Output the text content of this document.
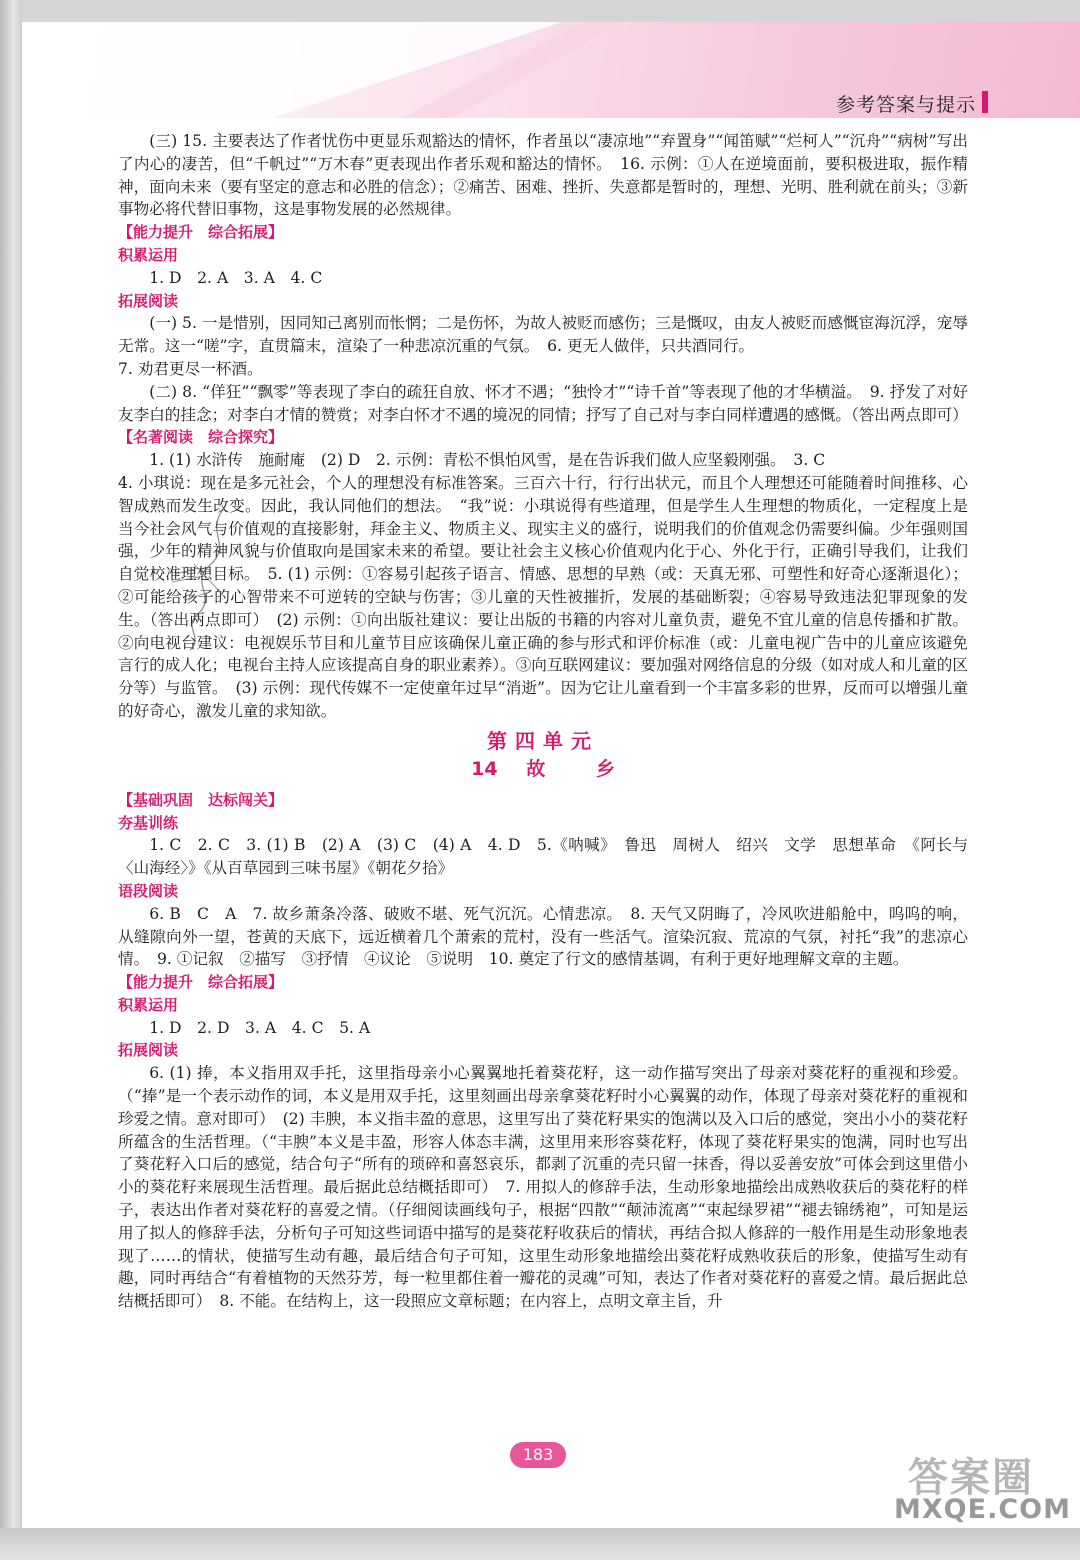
参考答案与提示

(三) 15. 主要表达了作者忧伤中更显乐观豁达的情怀，作者虽以“凄凉地”“弃置身”“闻笛赋”“烂柯人”“沉舟”“病树”写出了内心的凄苦，但“千帆过”“万木春”更表现出作者乐观和豁达的情怀。　16. 示例：①人在逆境面前，要积极进取，振作精神，面向未来（要有坚定的意志和必胜的信念）；②痛苦、困难、挫折、失意都是暂时的，理想、光明、胜利就在前头；③新事物必将代替旧事物，这是事物发展的必然规律。

【能力提升　综合拓展】

积累运用

1. D　2. A　3. A　4. C

拓展阅读

(一) 5. 一是惜别，因同知己离别而怅惘；二是伤怀，为故人被贬而感伤；三是慨叹，由友人被贬而感慨宦海沉浮，宠辱无常。这一“嗟”字，直贯篇末，渲染了一种悲凉沉重的气氛。　6. 更无人做伴，只共酒同行。

7. 劝君更尽一杯酒。

(二) 8. “佯狂”“飘零”等表现了李白的疏狂自放、怀才不遇；“独怜才”“诗千首”等表现了他的才华横溢。　9. 抒发了对好友李白的挂念；对李白才情的赞赏；对李白怀才不遇的境况的同情；抒写了自己对与李白同样遭遇的感慨。（答出两点即可）

【名著阅读　综合探究】

1. (1) 水浒传　施耐庵　(2) D　2. 示例：青松不惧怕风雪，是在告诉我们做人应坚毅刚强。　3. C

4. 小琪说：现在是多元社会，个人的理想没有标准答案。三百六十行，行行出状元，而且个人理想还可能随着时间推移、心智成熟而发生改变。因此，我认同他们的想法。　“我”说：小琪说得有些道理，但是学生人生理想的物质化，一定程度上是当今社会风气与价值观的直接影射，拜金主义、物质主义、现实主义的盛行，说明我们的价值观念仍需要纠偏。少年强则国强，少年的精神风貌与价值取向是国家未来的希望。要让社会主义核心价值观内化于心、外化于行，正确引导我们，让我们自觉校准理想目标。　5. (1) 示例：①容易引起孩子语言、情感、思想的早熟（或：天真无邪、可塑性和好奇心逐渐退化）；②可能给孩子的心智带来不可逆转的空缺与伤害；③儿童的天性被摧折，发展的基础断裂；④容易导致违法犯罪现象的发生。（答出两点即可）　(2) 示例：①向出版社建议：要让出版的书籍的内容对儿童负责，避免不宜儿童的信息传播和扩散。②向电视台建议：电视娱乐节目和儿童节目应该确保儿童正确的参与形式和评价标准（或：儿童电视广告中的儿童应该避免言行的成人化；电视台主持人应该提高自身的职业素养）。③向互联网建议：要加强对网络信息的分级（如对成人和儿童的区分等）与监管。　(3) 示例：现代传媒不一定使童年过早“消逝”。因为它让儿童看到一个丰富多彩的世界，反而可以增强儿童的好奇心，激发儿童的求知欲。

第四单元
14 故	乡

【基础巩固　达标闯关】

夯基训练

1. C　2. C　3. (1) B　(2) A　(3) C　(4) A　4. D　5.《呐喊》　鲁迅　周树人　绍兴　文学　思想革命　《阿长与〈山海经〉》《从百草园到三味书屋》《朝花夕拾》

语段阅读

6. B　C　A　7. 故乡萧条冷落、破败不堪、死气沉沉。心情悲凉。　8. 天气又阴晦了，冷风吹进船舱中，呜呜的响，从缝隙向外一望，苍黄的天底下，远近横着几个萧索的荒村，没有一些活气。渲染沉寂、荒凉的气氛，衬托“我”的悲凉心情。　9. ①记叙　②描写　③抒情　④议论　⑤说明　10. 奠定了行文的感情基调，有利于更好地理解文章的主题。

【能力提升　综合拓展】

积累运用

1. D　2. D　3. A　4. C　5. A

拓展阅读

6. (1) 捧，本义指用双手托，这里指母亲小心翼翼地托着葵花籽，这一动作描写突出了母亲对葵花籽的重视和珍爱。（“捧”是一个表示动作的词，本义是用双手托，这里刻画出母亲拿葵花籽时小心翼翼的动作，体现了母亲对葵花籽的重视和珍爱之情。意对即可）　(2) 丰腴，本义指丰盈的意思，这里写出了葵花籽果实的饱满以及入口后的感觉，突出小小的葵花籽所蕴含的生活哲理。（“丰腴”本义是丰盈，形容人体态丰满，这里用来形容葵花籽，体现了葵花籽果实的饱满，同时也写出了葵花籽入口后的感觉，结合句子“所有的琐碎和喜怒哀乐，都剥了沉重的壳只留一抹香，得以妥善安放”可体会到这里借小小的葵花籽来展现生活哲理。最后据此总结概括即可）　7. 用拟人的修辞手法，生动形象地描绘出成熟收获后的葵花籽的样子，表达出作者对葵花籽的喜爱之情。（仔细阅读画线句子，根据“四散”“颠沛流离”“束起绿罗裙”“褪去锦绣袍”，可知是运用了拟人的修辞手法，分析句子可知这些词语中描写的是葵花籽收获后的情状，再结合拟人修辞的一般作用是生动形象地表现了……的情状，使描写生动有趣，最后结合句子可知，这里生动形象地描绘出葵花籽成熟收获后的形象，使描写生动有趣，同时再结合“有着植物的天然芬芳，每一粒里都住着一瓣花的灵魂”可知，表达了作者对葵花籽的喜爱之情。最后据此总结概括即可）　8. 不能。在结构上，这一段照应文章标题；在内容上，点明文章主旨，升

183
答案圈
MXQE.COM
